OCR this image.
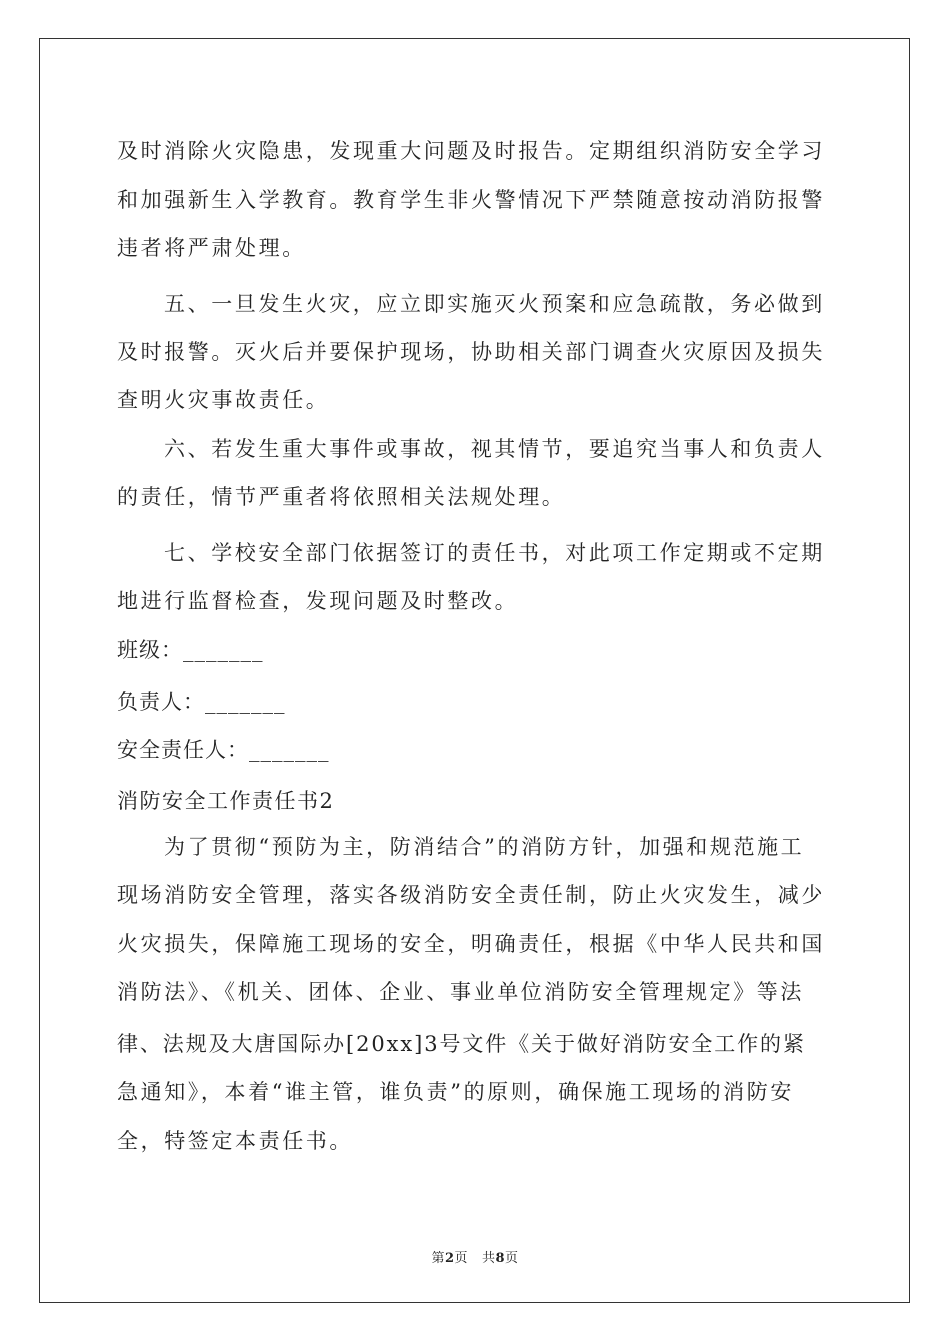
及时消除火灾隐患，发现重大问题及时报告。定期组织消防安全学习

和加强新生入学教育。教育学生非火警情况下严禁随意按动消防报警

违者将严肃处理。

五、一旦发生火灾，应立即实施灭火预案和应急疏散，务必做到

及时报警。灭火后并要保护现场，协助相关部门调查火灾原因及损失

查明火灾事故责任。

六、若发生重大事件或事故，视其情节，要追究当事人和负责人

的责任，情节严重者将依照相关法规处理。

七、学校安全部门依据签订的责任书，对此项工作定期或不定期

地进行监督检查，发现问题及时整改。

班级：_______

负责人：_______

安全责任人：_______

消防安全工作责任书2

为了贯彻“预防为主，防消结合”的消防方针，加强和规范施工

现场消防安全管理，落实各级消防安全责任制，防止火灾发生，减少

火灾损失，保障施工现场的安全，明确责任，根据《中华人民共和国

消防法》、《机关、团体、企业、事业单位消防安全管理规定》等法

律、法规及大唐国际办[20xx]3号文件《关于做好消防安全工作的紧

急通知》，本着“谁主管，谁负责”的原则，确保施工现场的消防安

全，特签定本责任书。

第2页 共8页
